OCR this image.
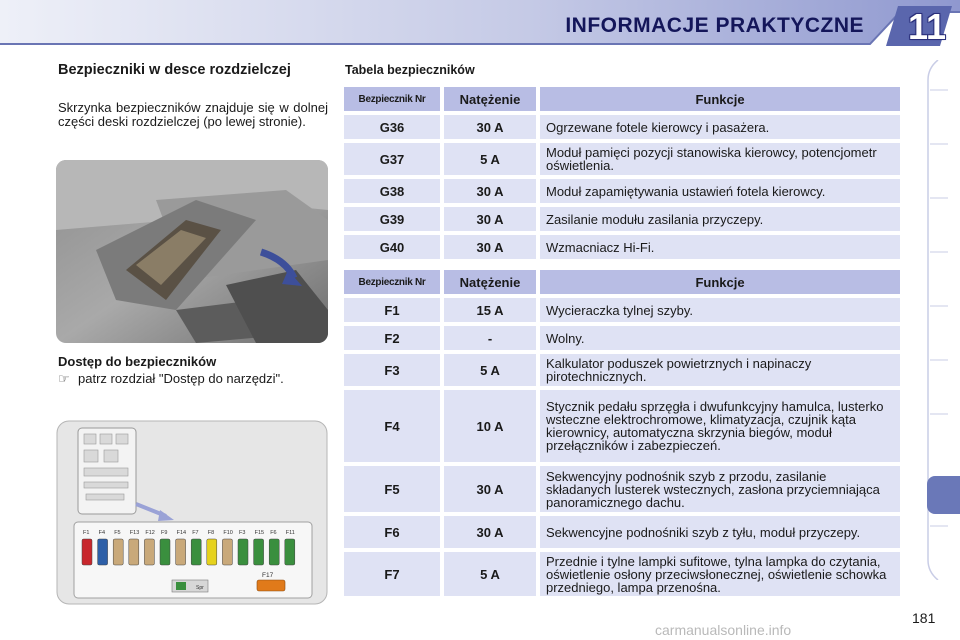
INFORMACJE PRAKTYCZNE 11
Bezpieczniki w desce rozdzielczej
Skrzynka bezpieczników znajduje się w dolnej części deski rozdzielczej (po lewej stronie).
Dostęp do bezpieczników
☞ patrz rozdział "Dostęp do narzędzi".
F1 F4 F5 F13 F12 F9 F14 F7 F8 F10 F3 F15 F6 F11
Spr
F17
Tabela bezpieczników
Bezpiecznik Nr	Natężenie	Funkcje
G36	30 A	Ogrzewane fotele kierowcy i pasażera.
G37	5 A	Moduł pamięci pozycji stanowiska kierowcy, potencjometr oświetlenia.
G38	30 A	Moduł zapamiętywania ustawień fotela kierowcy.
G39	30 A	Zasilanie modułu zasilania przyczepy.
G40	30 A	Wzmacniacz Hi-Fi.
Bezpiecznik Nr	Natężenie	Funkcje
F1	15 A	Wycieraczka tylnej szyby.
F2	-	Wolny.
F3	5 A	Kalkulator poduszek powietrznych i napinaczy pirotechnicznych.
F4	10 A	Stycznik pedału sprzęgła i dwufunkcyjny hamulca, lusterko wsteczne elektrochromowe, klimatyzacja, czujnik kąta kierownicy, automatyczna skrzynia biegów, moduł przełączników i zabezpieczeń.
F5	30 A	Sekwencyjny podnośnik szyb z przodu, zasilanie składanych lusterek wstecznych, zasłona przyciemniająca panoramicznego dachu.
F6	30 A	Sekwencyjne podnośniki szyb z tyłu, moduł przyczepy.
F7	5 A	Przednie i tylne lampki sufitowe, tylna lampka do czytania, oświetlenie osłony przeciwsłonecznej, oświetlenie schowka przedniego, lampa przenośna.
181
carmanualsonline.info
